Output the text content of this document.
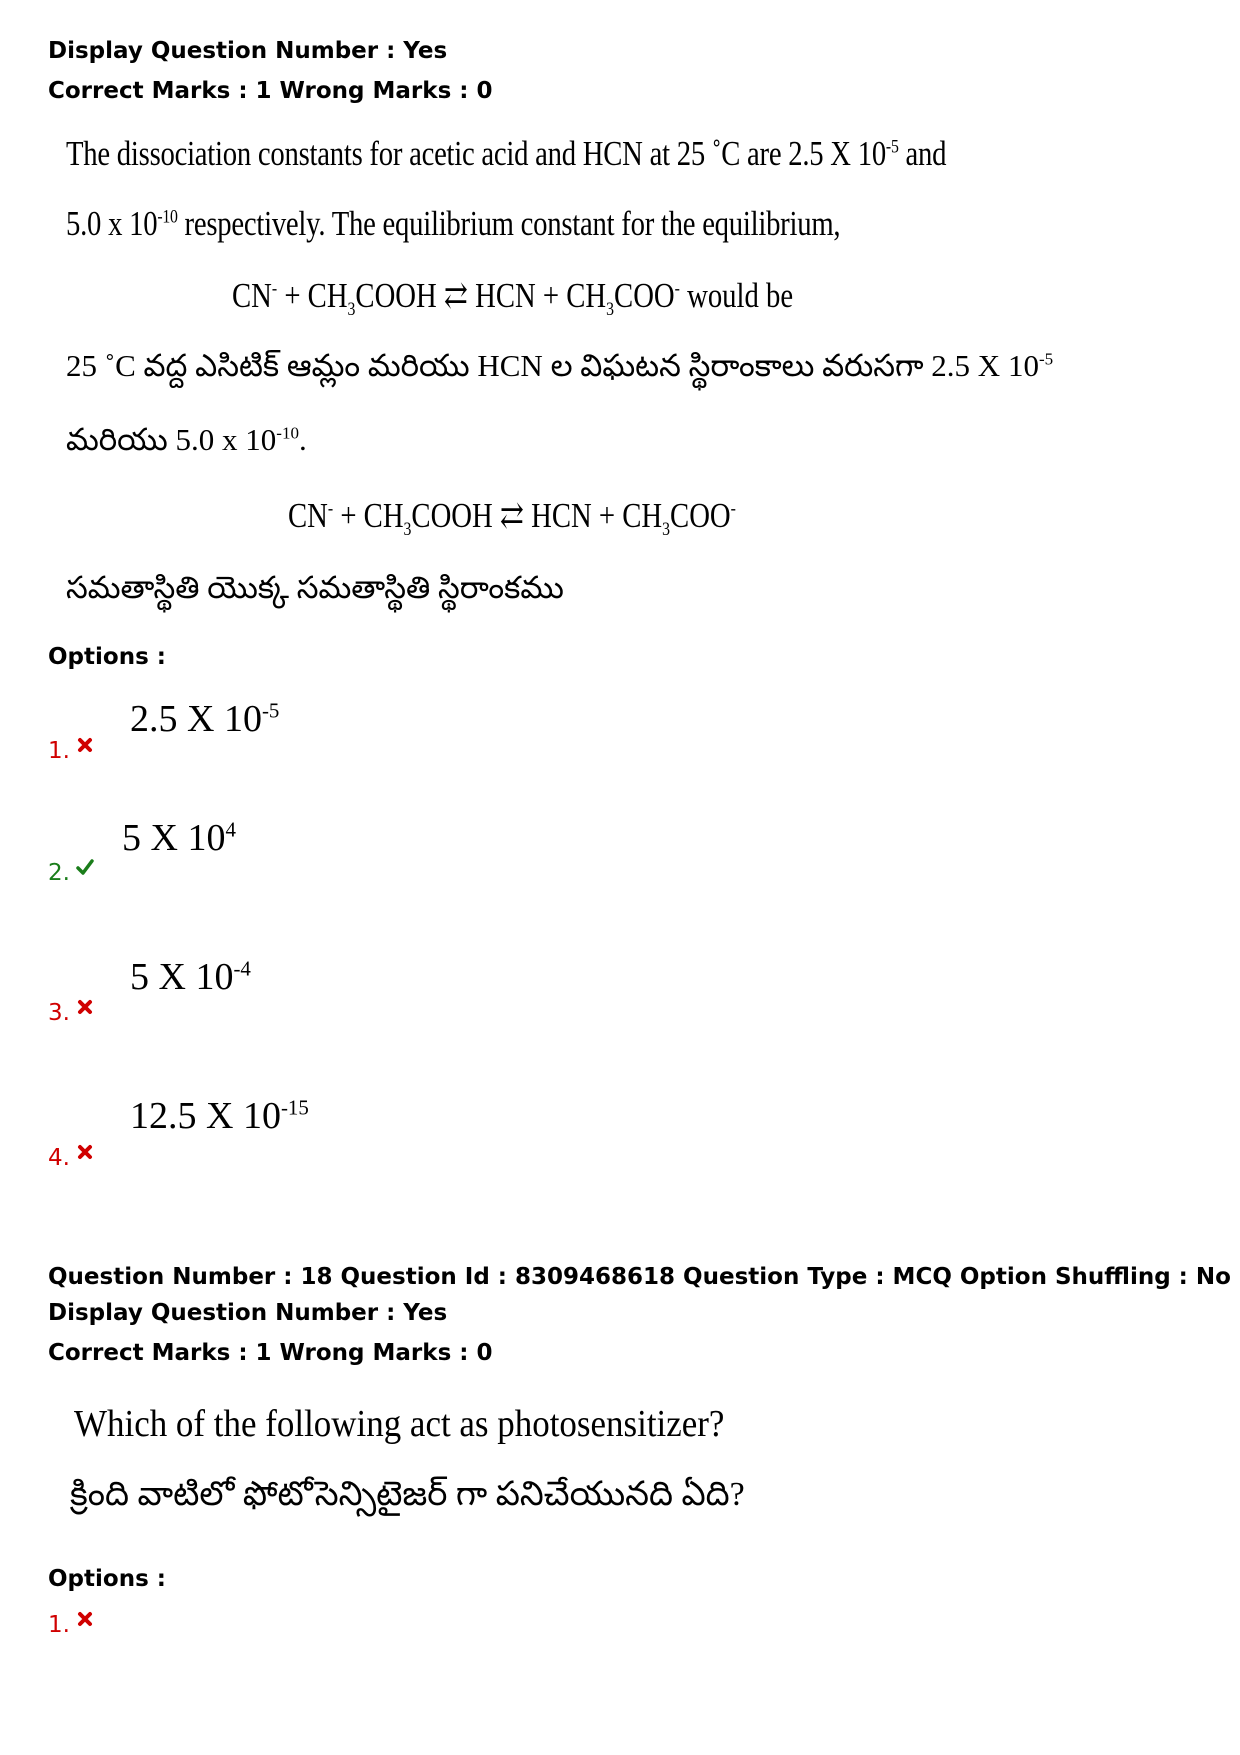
Display Question Number : Yes
Correct Marks : 1 Wrong Marks : 0
The dissociation constants for acetic acid and HCN at 25 ˚C are 2.5 X $10^{-5}$ and
5.0 x $10^{-10}$ respectively. The equilibrium constant for the equilibrium,
$CN^- + CH_3COOH$ ⇄ HCN + $CH_3COO^-$ would be
25 ˚C వద్ద ఎసిటిక్ ఆమ్లం మరియు HCN ల విఘటన స్థిరాంకాలు వరుసగా 2.5 X $10^{-5}$
మరియు 5.0 x $10^{-10}$.
$CN^- + CH_3COOH$ ⇄ HCN + $CH_3COO^-$
సమతాస్థితి యొక్క సమతాస్థితి స్థిరాంకము
Options :
2.5 X $10^{-5}$
1.
5 X $10^4$
2.
5 X $10^{-4}$
3.
12.5 X $10^{-15}$
4.
Question Number : 18 Question Id : 8309468618 Question Type : MCQ Option Shuffling : No
Display Question Number : Yes
Correct Marks : 1 Wrong Marks : 0
Which of the following act as photosensitizer?
క్రింది వాటిలో ఫోటోసెన్సిటైజర్ గా పనిచేయునది ఏది?
Options :
1.
